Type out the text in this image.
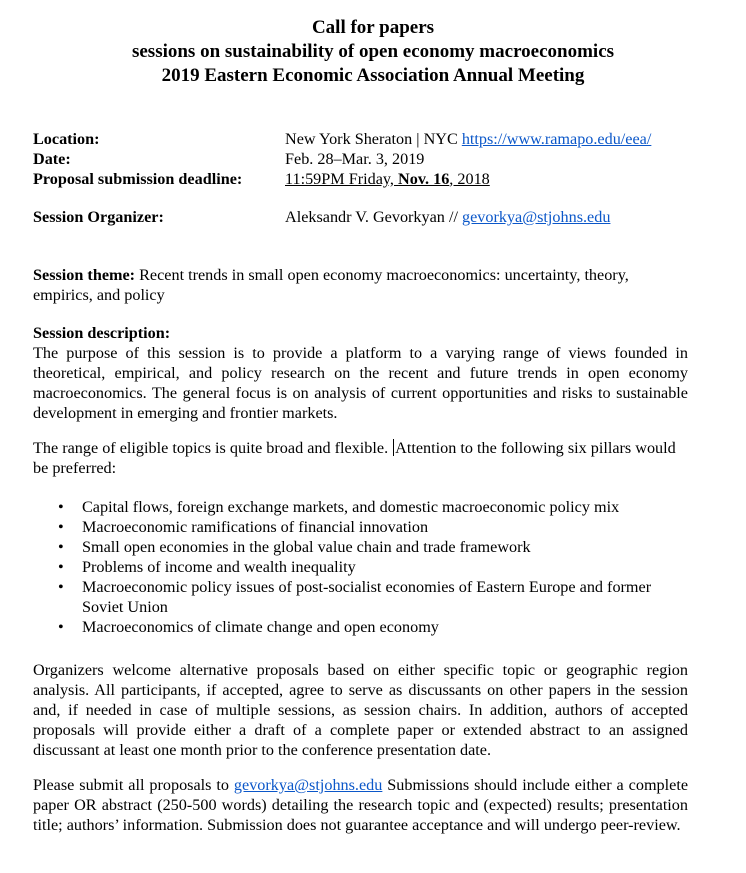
Call for papers
sessions on sustainability of open economy macroeconomics
2019 Eastern Economic Association Annual Meeting
Location:	New York Sheraton | NYC https://www.ramapo.edu/eea/
Date:	Feb. 28–Mar. 3, 2019
Proposal submission deadline:	11:59PM Friday, Nov. 16, 2018
Session Organizer:	Aleksandr V. Gevorkyan // gevorkya@stjohns.edu
Session theme: Recent trends in small open economy macroeconomics: uncertainty, theory, empirics, and policy
Session description:

The purpose of this session is to provide a platform to a varying range of views founded in theoretical, empirical, and policy research on the recent and future trends in open economy macroeconomics. The general focus is on analysis of current opportunities and risks to sustainable development in emerging and frontier markets.
The range of eligible topics is quite broad and flexible. Attention to the following six pillars would be preferred:
• Capital flows, foreign exchange markets, and domestic macroeconomic policy mix
• Macroeconomic ramifications of financial innovation
• Small open economies in the global value chain and trade framework
• Problems of income and wealth inequality
• Macroeconomic policy issues of post-socialist economies of Eastern Europe and former Soviet Union
• Macroeconomics of climate change and open economy
Organizers welcome alternative proposals based on either specific topic or geographic region analysis. All participants, if accepted, agree to serve as discussants on other papers in the session and, if needed in case of multiple sessions, as session chairs. In addition, authors of accepted proposals will provide either a draft of a complete paper or extended abstract to an assigned discussant at least one month prior to the conference presentation date.
Please submit all proposals to gevorkya@stjohns.edu Submissions should include either a complete paper OR abstract (250-500 words) detailing the research topic and (expected) results; presentation title; authors’ information. Submission does not guarantee acceptance and will undergo peer-review.
